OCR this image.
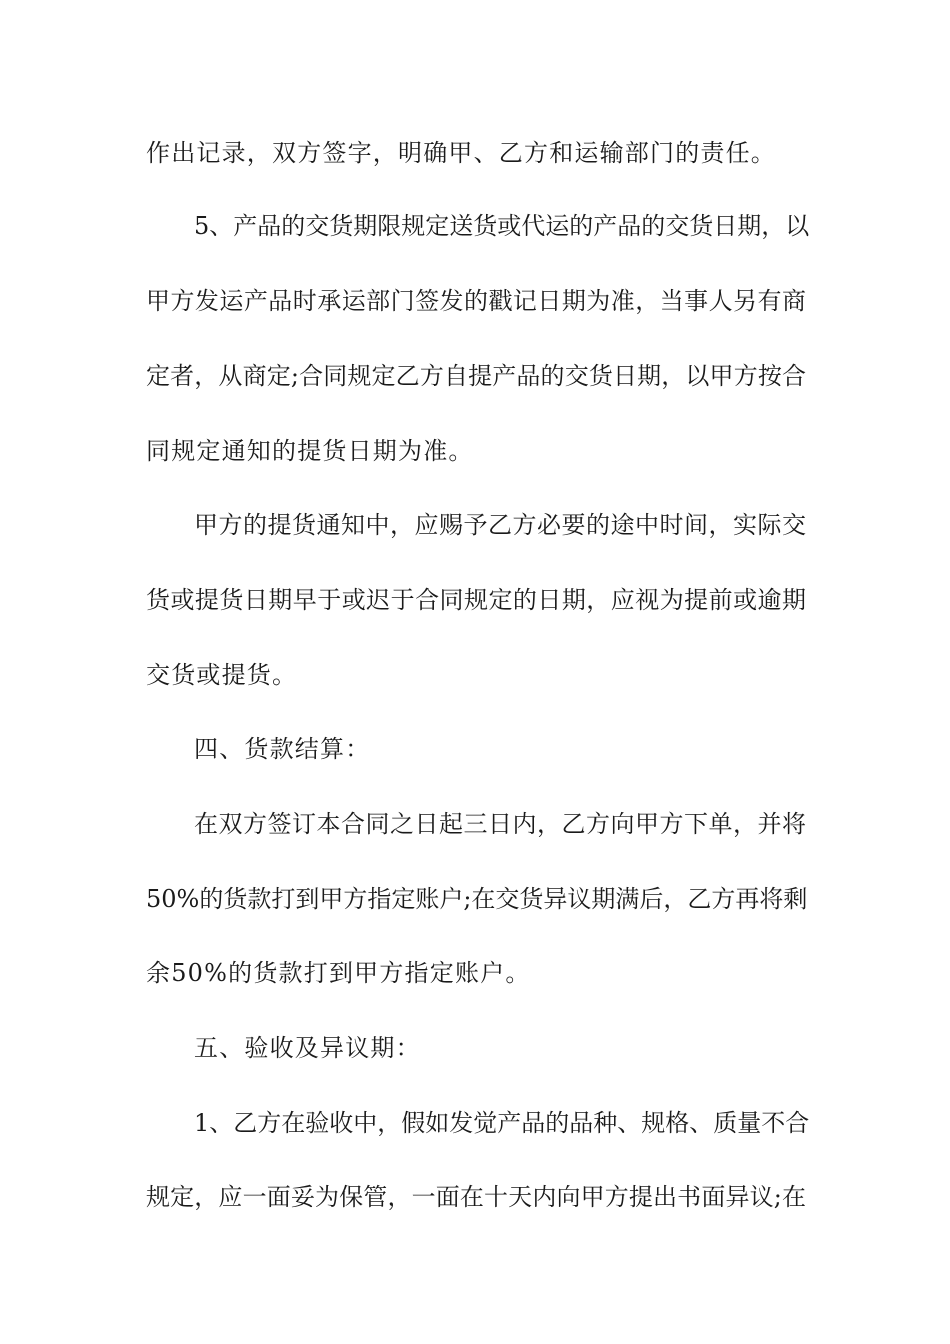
作出记录，双方签字，明确甲、乙方和运输部门的责任。
5、产品的交货期限规定送货或代运的产品的交货日期，以
甲方发运产品时承运部门签发的戳记日期为准，当事人另有商
定者，从商定;合同规定乙方自提产品的交货日期，以甲方按合
同规定通知的提货日期为准。
甲方的提货通知中，应赐予乙方必要的途中时间，实际交
货或提货日期早于或迟于合同规定的日期，应视为提前或逾期
交货或提货。
四、货款结算：
在双方签订本合同之日起三日内，乙方向甲方下单，并将
50%的货款打到甲方指定账户;在交货异议期满后，乙方再将剩
余50%的货款打到甲方指定账户。
五、验收及异议期：
1、乙方在验收中，假如发觉产品的品种、规格、质量不合
规定，应一面妥为保管，一面在十天内向甲方提出书面异议;在
